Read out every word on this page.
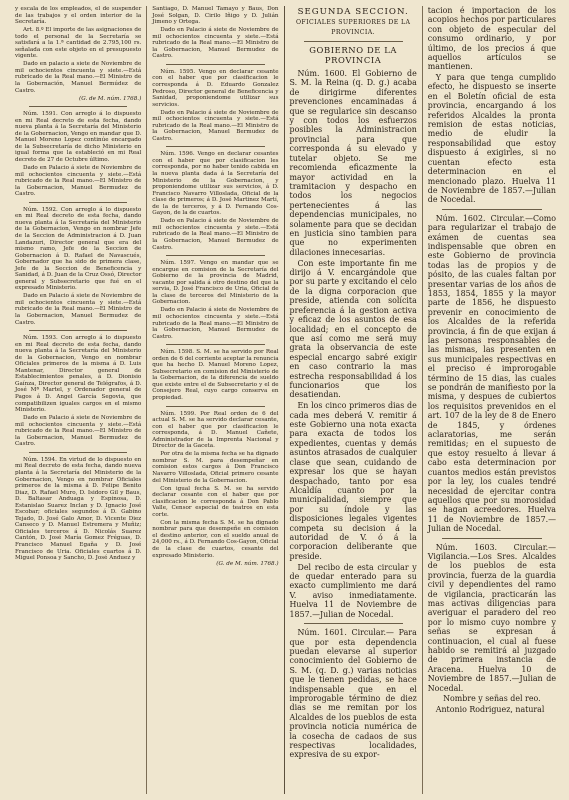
y escala de los empleados, el de suspender de las trabajos y el orden interior de la Secretaría.

Art. 8.º El importe de las asignaciones de todo el personal de la Secretaría se satisfará a la 1.ª cantidad de 2.795,100 rs. señalada con este objeto en el presupuesto vigente.

Dado en palacio a siete de Noviembre de mil ochocientos cincuenta y siete.—Está rubricado de la Real mano.—El Ministro de la Gobernación, Manuel Bermúdez de Castro.

(G. de M. núm. 1768.)

Núm. 1591. Con arreglo á lo dispuesto en mi Real decreto de esta fecha, dando nueva planta á la Secretaría del Ministerio de la Gobernacion, Vengo en mandar que D. Manuel Moreno Lopez continúe encargado de la Subsecretaría de dicho Ministerio en igual forma que la estableció en mi Real decreto de 27 de Octubre último.

Dado en Palacio á siete de Noviembre de mil ochocientos cincuenta y siete.—Está rubricado de la Real mano.—El Ministro de la Gobernacion, Manuel Bermudez de Castro.

Núm. 1592. Con arreglo á lo dispuesto en mi Real decreto de esta fecha, dando nueva planta á la Secretaría del Ministerio de la Gobernacion, Vengo en nombrar Jefe de la Seccion de Administracion á D. Juan Landazuri, Director general que era del mismo ramo, Jefe de la Seccion de Gobernacion á D. Rafael de Navascués, Gobernador que ha sido de primera clase, Jefe de la Seccion de Beneficencia y Sanidad, á D. Juan de la Cruz Ossó, Director general y Subsecretario que fué en el expresado Ministerio.

Dado en Palacio á siete de Noviembre de mil ochocientos cincuenta y siete.—Está rubricado de la Real mano.—El Ministro de la Gobernacion, Manuel Bermudez de Castro.

Núm. 1593. Con arreglo á lo dispuesto en mi Real decreto de esta fecha, dando nueva planta á la Secretaría del Ministerio de la Gobernacion, Vengo en nombrar Oficiales primeros de la misma á D. Luis Mantenar, Director general de Establecimientos penales, á D. Dionisio Gaínza, Director general de Telégrafos, á D. José Mª Martel, y Ordenador general de Pagos á D. Angel García Segovia, que compatibilizen iguales cargos en el mismo Ministerio.

Dado en Palacio á siete de Noviembre de mil ochocientos cincuenta y siete.—Está rubricado de la Real mano.—El Ministro de la Gobernacion, Manuel Bermudez de Castro.

Núm. 1594. En virtud de lo dispuesto en mi Real decreto de esta fecha, dando nueva planta á la Secretaría del Ministerio de la Gobernacion, Vengo en nombrar Oficiales primeros de la misma á D. Felipe Benito Diaz, D. Rafael Muro, D. Isidoro Gil y Baus, D. Baltasar Anduaga y Espinosa, D. Estanislao Suarez Inclan y D. Ignacio José Escobar; oficiales segundos á D. Gabino Tejado, D. José Galo Amor, D. Vicente Diez Canseco y D. Manuel Estremera y Muñiz; Oficiales terceros á D. Nicolás Suarez Cantón, D. José María Gomez Fréguas, D. Francisco Manuel Egaña y D. José Francisco de Uria. Oficiales cuartos á D. Miguel Ponsoa y Sancho, D. José Anduez y

Santiago, D. Manuel Tamayo y Baus, Don José Solgan, D. Cirilo Iñigo y D. Julián Jimeno y Ortega.

Dado en Palacio á siete de Noviembre de mil ochocientos cincuenta y siete.—Está rubricado de la Real mano.—El Ministro de la Gobernacion, Manuel Bermudez de Castro.

Núm. 1595. Vengo en declarar cesante con el haber que por clasificacion le corresponda á D. Eduardo Gonzalez Pedroso, Director general de Beneficencia y Sanidad, proponiendome utilizar sus servicios.

Dado en Palacio á siete de Noviembre de mil ochocientos cincuenta y siete.—Está rubricado de la Real mano.—El Ministro de la Gobernacion, Manuel Bermudez de Castro.

Núm. 1596. Vengo en declarar cesantes con el haber que por clasificacion les corresponda, por no haber tenido cabida en la nueva planta dada á la Secretaría del Ministerio de la Gobernacion, y proponiendome utilizar sus servicios, á D. Francisco Navarro Villoslada, Oficial de la clase de primeros; á D. José Martinez Martí, de la de terceros, y á D. Fernando Cos-Gayon, de la de cuartos.

Dado en Palacio á siete de Noviembre de mil ochocientos cincuenta y siete.—Está rubricado de la Real mano.—El Ministro de la Gobernacion, Manuel Bermudez de Castro.

Núm. 1597. Vengo en mandar que se encargue en comision de la Secretaría del Gobierno de la provincia de Madrid, vacante por salida á otro destino del que la servia, D. José Francisco de Uria, Oficial de la clase de terceros del Ministerio de la Gobernacion.

Dado en Palacio á siete de Noviembre de mil ochocientos cincuenta y siete.—Está rubricado de la Real mano.—El Ministro de la Gobernacion, Manuel Bermudez de Castro.

Núm. 1598. S. M. se ha servido por Real orden de 6 del corriente aceptar la renuncia que ha hecho D. Manuel Moreno Lopez, Subsecretario en comision del Ministerio de la Gobernacion, de la diferencia de sueldo que existe entre el de Subsecretario y el de Consejero Real, cuyo cargo conserva en propiedad.

Núm. 1599. Por Real orden de 6 del actual S. M. se ha servido declarar cesante, con el haber que por clasificacion le corresponda, á D. Manuel Cañete, Administrador de la Imprenta Nacional y Director de la Gaceta.

Por otra de la misma fecha se ha dignado nombrar S. M. para desempeñar en comision estos cargos á Don Francisco Navarro Villoslada, Oficial primero cesante del Ministerio de la Gobernacion.

Con igual fecha S. M. se ha servido declarar cesante con el haber que por clasificacion le corresponda á Don Pablo Valle, Censor especial de teatros en esta corte.

Con la misma fecha S. M. se ha dignado nombrar para que desempeñe en comision el destino anterior, con el sueldo anual de 24,000 rs., á D. Fernando Cos-Gayon, Oficial de la clase de cuartos, cesante del expresado Ministerio.

(G. de M. núm. 1768.)
SEGUNDA SECCION.
OFICIALES SUPERIORES DE LA PROVINCIA.
GOBIERNO DE LA PROVINCIA

Núm. 1600. El Gobierno de S. M. la Reina (q. D. g.) acaba de dirigirme diferentes prevenciones encaminadas á que se regularice sin descanso y con todos los esfuerzos posibles la Administracion provincial para que corresponda á su elevado y tutelar objeto. Se me recomienda eficazmente la mayor actividad en la tramitacion y despacho en todos los negocios pertenecientes á las dependencias municipales, no solamente para que se decidan en justicia sino tambien para que no experimenten dilaciones innecesarias.

Con este importante fin me dirijo á V. encargándole que por su parte y excitando el celo de la digna corporacion que preside, atienda con solícita preferencia á la gestion activa y eficaz de los asuntos de esa localidad; en el concepto de que así como me será muy grata la observancia de este especial encargo sabré exigir en caso contrario la mas estrecha responsabilidad á los funcionarios que los desatiendan.

En los cinco primeros dias de cada mes deberá V. remitir á este Gobierno una nota exacta para exacta de todos los expedientes, cuentas y demás asuntos atrasados de cualquier clase que sean, cuidando de expresar los que se hayan despachado, tanto por esa Alcaldía cuanto por la municipalidad, siempre que por su índole y las disposiciones legales vigentes competa su decision á la autoridad de V. ó á la corporacion deliberante que preside.

Del recibo de esta circular y de quedar enterado para su exacto cumplimiento me dará V. aviso inmediatamente. Huelva 11 de Noviembre de 1857.—Julian de Nocedal.

Núm. 1601. Circular.— Para que por esta dependencia puedan elevarse al superior conocimiento del Gobierno de S. M. (q. D. g.) varias noticias que le tienen pedidas, se hace indispensable que en el improrogable término de diez dias se me remitan por los Alcaldes de los pueblos de esta provincia noticia numérica de la cosecha de cadaos de sus respectivas localidades, expresiva de su expor-

tacion é importacion de los acopios hechos por particulares con objeto de especular del consumo ordinario, y por último, de los precios á que aquellos artículos se mantienen.

Y para que tenga cumplido efecto, he dispuesto se inserte en el Boletín oficial de esta provincia, encargando á los referidos Alcaldes la pronta remision de estas noticias, medio de eludir la responsabilidad que estoy dispuesto á exigirles, si no cuentan efecto esta determinacion en el mencionado plazo. Huelva 11 de Noviembre de 1857.—Julian de Nocedal.

Núm. 1602. Circular.—Como para regularizar el trabajo de exámen de cuentas sea indispensable que obren en este Gobierno de provincia todas las de propios y de pósito, de las cuales faltan por presentar varias de los años de 1853, 1854, 1855 y la mayor parte de 1856, he dispuesto prevenir en conocimiento de los Alcaldes de la referida provincia, á fin de que exijan á las personas responsables de las mismas, las presenten en sus municipales respectivas en el preciso é improrogable término de 15 dias, las cuales se pondrán de manifiesto por la misma, y despues de cubiertos los requisitos prevenidos en el art. 107 de la ley de 8 de Enero de 1845, y órdenes aclaratorias, me serán remitidas; en el supuesto de que estoy resuelto á llevar á cabo esta determinacion por cuantos medios están previstos por la ley, los cuales tendré necesidad de ejercitar contra aquellos que por su morosidad se hagan acreedores. Huelva 11 de Noviembre de 1857.—Julian de Nocedal.

Núm. 1603. Circular.—Vigilancia.—Los Sres. Alcaldes de los pueblos de esta provincia, fuerza de la guardia civil y dependientes del ramo de vigilancia, practicarán las mas activas diligencias para averiguar el paradero del reo por lo mismo cuyo nombre y señas se expresan á continuacion, el cual al fuese habido se remitirá al juzgado de primera instancia de Aracena. Huelva 10 de Noviembre de 1857.—Julian de Nocedal.

Nombre y señas del reo.

Antonio Rodriguez, natural
